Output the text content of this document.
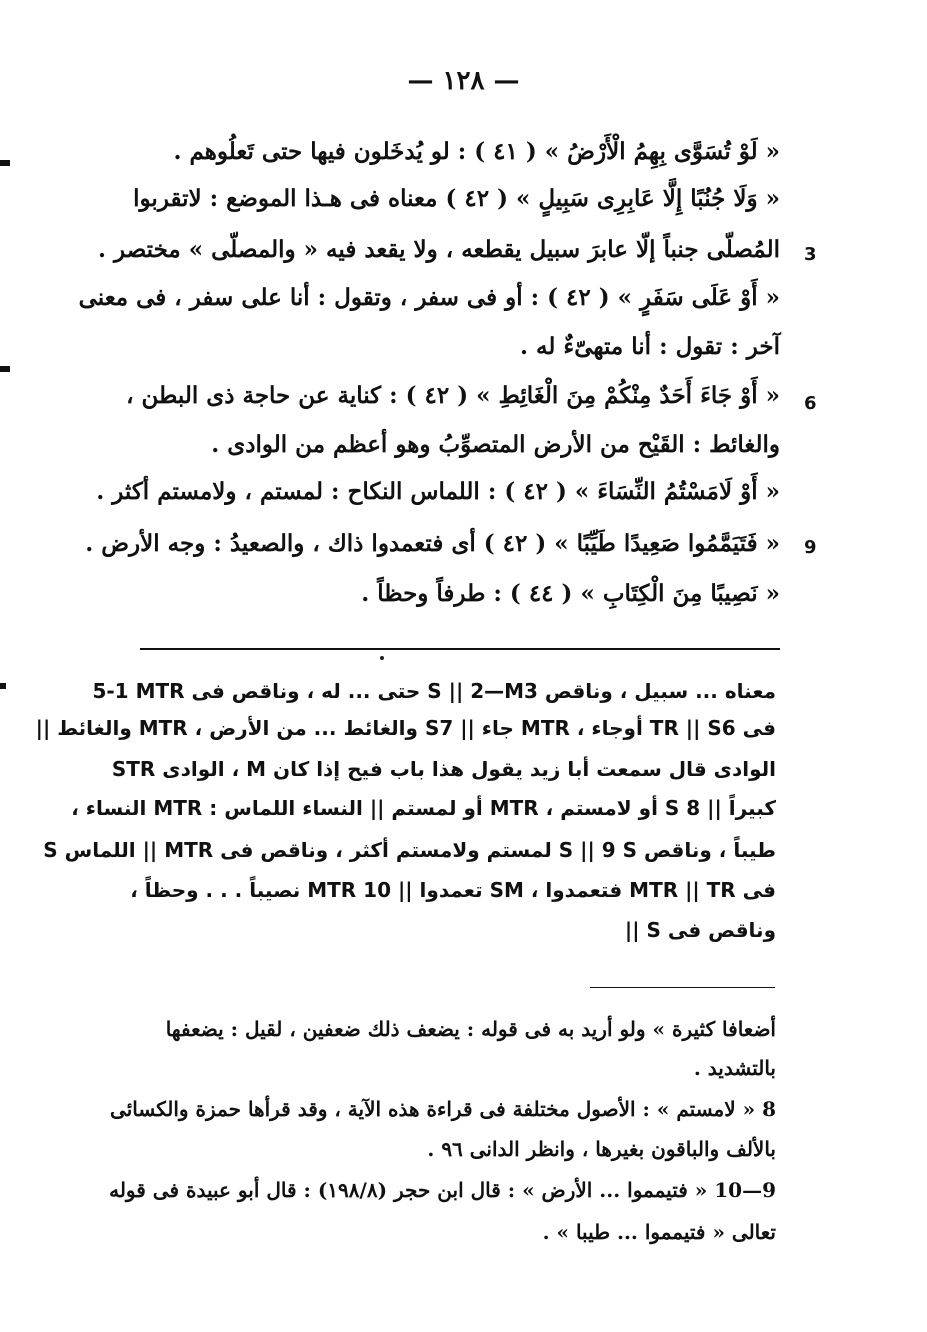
— ١٢٨ —
« لَوْ تُسَوَّى بِهِمُ الْأَرْضُ » ( ٤١ ) : لو يُدخَلون فيها حتى تَعلُوهم .
« وَلَا جُنُبًا إِلَّا عَابِرِى سَبِيلٍ » ( ٤٢ ) معناه فى هـذا الموضع : لاتقربوا
المُصلّى جنباً إلّا عابرَ سبيل يقطعه ، ولا يقعد فيه « والمصلّى » مختصر .
« أَوْ عَلَى سَفَرٍ » ( ٤٢ ) : أو فى سفر ، وتقول : أنا على سفر ، فى معنى
آخر : تقول : أنا متهىّءٌ له .
« أَوْ جَاءَ أَحَدٌ مِنْكُمْ مِنَ الْغَائِطِ » ( ٤٢ ) : كناية عن حاجة ذى البطن ،
والغائط : القَيْح من الأرض المتصوِّبُ وهو أعظم من الوادى .
« أَوْ لَامَسْتُمُ النِّسَاءَ » ( ٤٢ ) : اللماس النكاح : لمستم ، ولامستم أكثر .
« فَتَيَمَّمُوا صَعِيدًا طَيِّبًا » ( ٤٢ ) أى فتعمدوا ذاك ، والصعيدُ : وجه الأرض .
« نَصِيبًا مِنَ الْكِتَابِ » ( ٤٤ ) : طرفاً وحظاً .
3
6
9
5-1 MTR حتى ... له ، وناقص فى S || 2—M3 معناه ... سبيل ، وناقص
فى TR || S6 أوجاء ، MTR جاء || S7 والغائط ... من الأرض ، MTR والغائط ||
STR الوادى ، M الوادى قال سمعت أبا زيد يقول هذا باب فيح إذا كان
كبيراً || S 8 أو لامستم ، MTR أو لمستم || النساء اللماس : MTR النساء ،
S اللماس || MTR لمستم ولامستم أكثر ، وناقص فى S || 9 S طيباً ، وناقص
فى MTR || TR فتعمدوا ، SM تعمدوا || 10 MTR نصيباً . . . وحظاً ،
وناقص فى S ||
أضعافا كثيرة » ولو أريد به فى قوله : يضعف ذلك ضعفين ، لقيل : يضعفها
بالتشديد .
8 « لامستم » : الأصول مختلفة فى قراءة هذه الآية ، وقد قرأها حمزة والكسائى
بالألف والباقون بغيرها ، وانظر الدانى ٩٦ .
9—10 « فتيمموا ... الأرض » : قال ابن حجر (١٩٨/٨) : قال أبو عبيدة فى قوله
تعالى « فتيمموا ... طيبا » .
